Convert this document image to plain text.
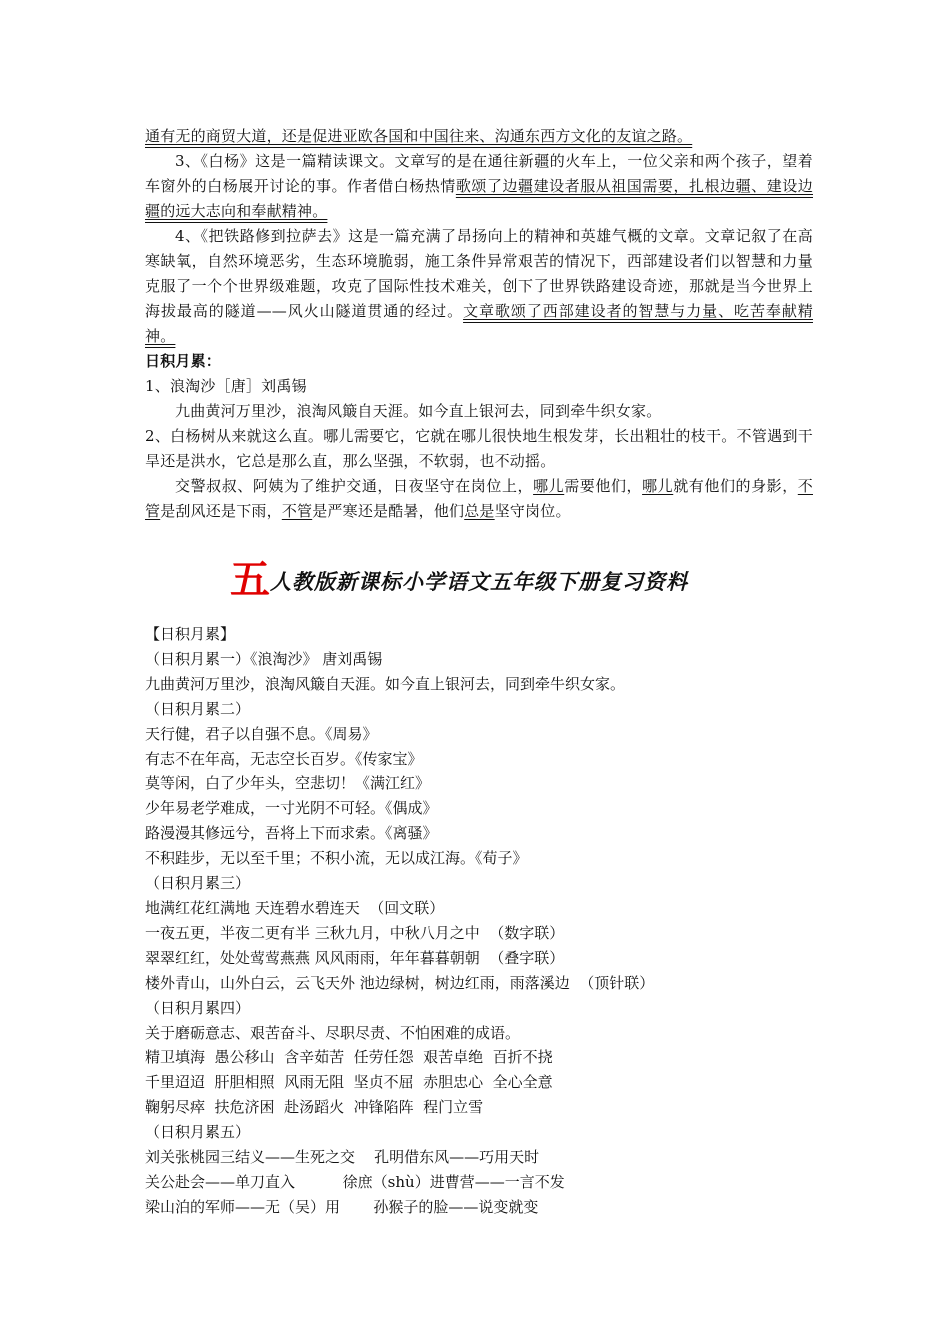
通有无的商贸大道，还是促进亚欧各国和中国往来、沟通东西方文化的友谊之路。

3、《白杨》这是一篇精读课文。文章写的是在通往新疆的火车上，一位父亲和两个孩子，望着车窗外的白杨展开讨论的事。作者借白杨热情歌颂了边疆建设者服从祖国需要，扎根边疆、建设边疆的远大志向和奉献精神。

4、《把铁路修到拉萨去》这是一篇充满了昂扬向上的精神和英雄气概的文章。文章记叙了在高寒缺氧，自然环境恶劣，生态环境脆弱，施工条件异常艰苦的情况下，西部建设者们以智慧和力量克服了一个个世界级难题，攻克了国际性技术难关，创下了世界铁路建设奇迹，那就是当今世界上海拔最高的隧道——风火山隧道贯通的经过。文章歌颂了西部建设者的智慧与力量、吃苦奉献精神。

日积月累：

1、浪淘沙［唐］刘禹锡

九曲黄河万里沙，浪淘风簸自天涯。如今直上银河去，同到牵牛织女家。

2、白杨树从来就这么直。哪儿需要它，它就在哪儿很快地生根发芽，长出粗壮的枝干。不管遇到干旱还是洪水，它总是那么直，那么坚强，不软弱，也不动摇。

交警叔叔、阿姨为了维护交通，日夜坚守在岗位上，哪儿需要他们，哪儿就有他们的身影，不管是刮风还是下雨，不管是严寒还是酷暑，他们总是坚守岗位。

五人教版新课标小学语文五年级下册复习资料
【日积月累】
（日积月累一）《浪淘沙》 唐刘禹锡
九曲黄河万里沙，浪淘风簸自天涯。如今直上银河去，同到牵牛织女家。
（日积月累二）
天行健，君子以自强不息。《周易》
有志不在年高，无志空长百岁。《传家宝》
莫等闲，白了少年头，空悲切！《满江红》
少年易老学难成，一寸光阴不可轻。《偶成》
路漫漫其修远兮，吾将上下而求索。《离骚》
不积跬步，无以至千里；不积小流，无以成江海。《荀子》
（日积月累三）
地满红花红满地 天连碧水碧连天  （回文联）
一夜五更，半夜二更有半 三秋九月，中秋八月之中  （数字联）
翠翠红红，处处莺莺燕燕 风风雨雨，年年暮暮朝朝  （叠字联）
楼外青山，山外白云，云飞天外 池边绿树，树边红雨，雨落溪边  （顶针联）
（日积月累四）
关于磨砺意志、艰苦奋斗、尽职尽责、不怕困难的成语。
精卫填海  愚公移山  含辛茹苦  任劳任怨  艰苦卓绝  百折不挠
千里迢迢  肝胆相照  风雨无阻  坚贞不屈  赤胆忠心  全心全意
鞠躬尽瘁  扶危济困  赴汤蹈火  冲锋陷阵  程门立雪
（日积月累五）
刘关张桃园三结义——生死之交    孔明借东风——巧用天时
关公赴会——单刀直入          徐庶（shù）进曹营——一言不发
梁山泊的军师——无（吴）用       孙猴子的脸——说变就变
